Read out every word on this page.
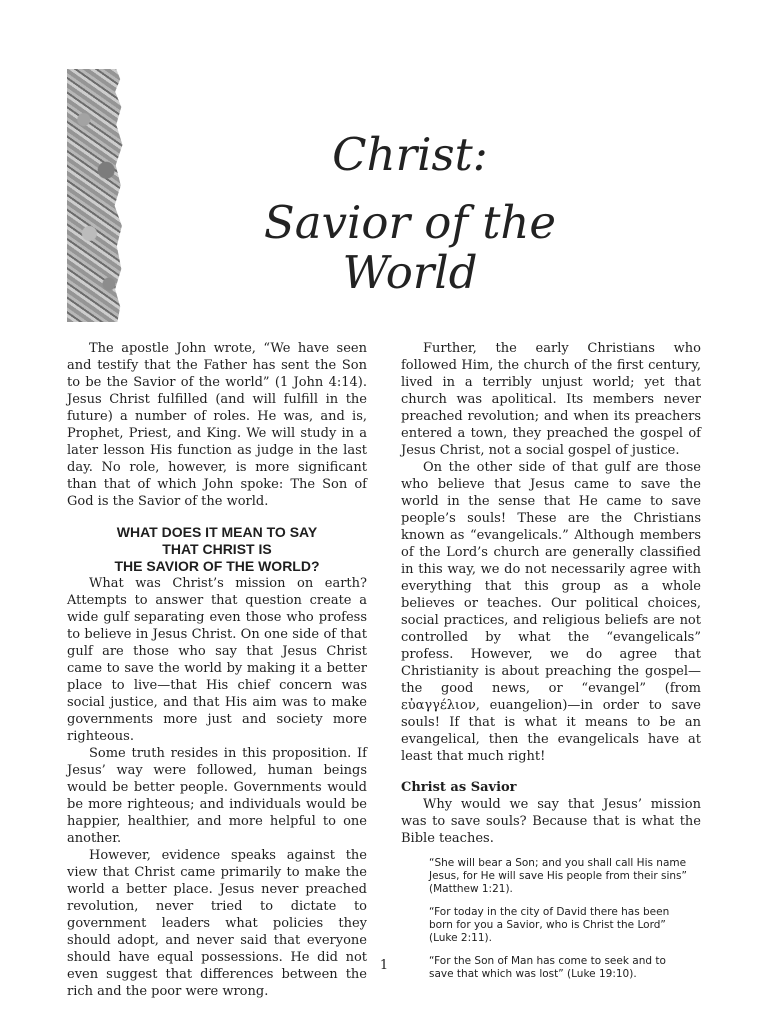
Christ:
Savior of the World

The apostle John wrote, “We have seen and testify that the Father has sent the Son to be the Savior of the world” (1 John 4:14). Jesus Christ fulfilled (and will fulfill in the future) a number of roles. He was, and is, Prophet, Priest, and King. We will study in a later lesson His function as judge in the last day. No role, however, is more significant than that of which John spoke: The Son of God is the Savior of the world.

WHAT DOES IT MEAN TO SAY
THAT CHRIST IS
THE SAVIOR OF THE WORLD?

What was Christ’s mission on earth? Attempts to answer that question create a wide gulf separating even those who profess to believe in Jesus Christ. On one side of that gulf are those who say that Jesus Christ came to save the world by making it a better place to live—that His chief concern was social justice, and that His aim was to make governments more just and society more righteous.

Some truth resides in this proposition. If Jesus’ way were followed, human beings would be better people. Governments would be more righteous; and individuals would be happier, healthier, and more helpful to one another.

However, evidence speaks against the view that Christ came primarily to make the world a better place. Jesus never preached revolution, never tried to dictate to government leaders what policies they should adopt, and never said that everyone should have equal possessions. He did not even suggest that differences between the rich and the poor were wrong.

Further, the early Christians who followed Him, the church of the first century, lived in a terribly unjust world; yet that church was apolitical. Its members never preached revolution; and when its preachers entered a town, they preached the gospel of Jesus Christ, not a social gospel of justice.

On the other side of that gulf are those who believe that Jesus came to save the world in the sense that He came to save people’s souls! These are the Christians known as “evangelicals.” Although members of the Lord’s church are generally classified in this way, we do not necessarily agree with everything that this group as a whole believes or teaches. Our political choices, social practices, and religious beliefs are not controlled by what the “evangelicals” profess. However, we do agree that Christianity is about preaching the gospel—the good news, or “evangel” (from εὐαγγέλιον, euangelion)—in order to save souls! If that is what it means to be an evangelical, then the evangelicals have at least that much right!

Christ as Savior

Why would we say that Jesus’ mission was to save souls? Because that is what the Bible teaches.

“She will bear a Son; and you shall call His name Jesus, for He will save His people from their sins” (Matthew 1:21).
“For today in the city of David there has been born for you a Savior, who is Christ the Lord” (Luke 2:11).
“For the Son of Man has come to seek and to save that which was lost” (Luke 19:10).
1
